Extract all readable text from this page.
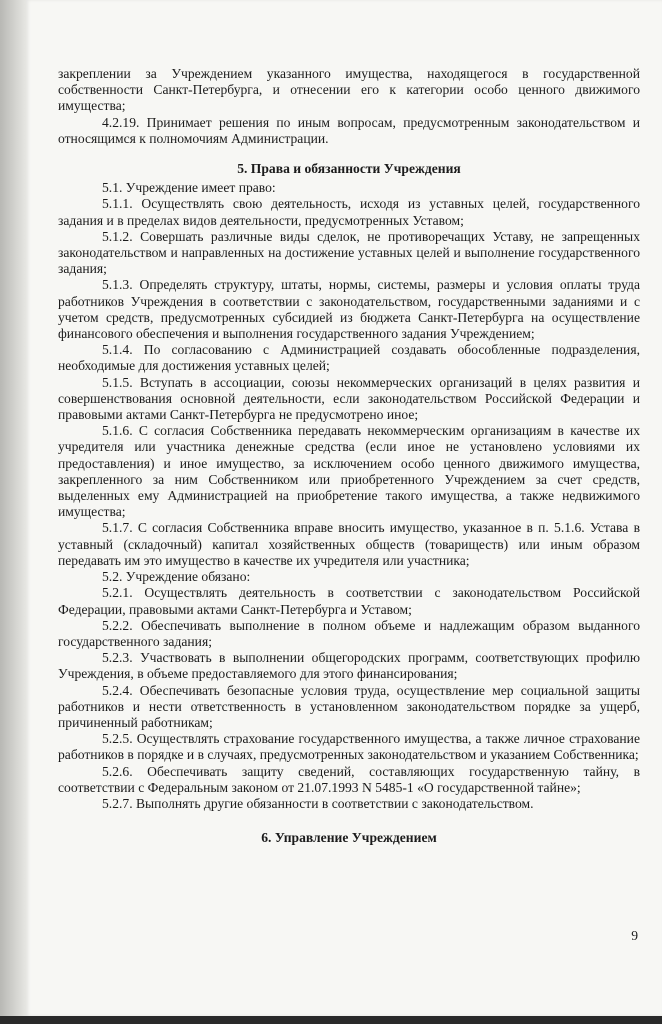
закреплении за Учреждением указанного имущества, находящегося в государственной собственности Санкт-Петербурга, и отнесении его к категории особо ценного движимого имущества;

4.2.19. Принимает решения по иным вопросам, предусмотренным законодательством и относящимся к полномочиям Администрации.

5. Права и обязанности Учреждения

5.1. Учреждение имеет право:

5.1.1. Осуществлять свою деятельность, исходя из уставных целей, государственного задания и в пределах видов деятельности, предусмотренных Уставом;

5.1.2. Совершать различные виды сделок, не противоречащих Уставу, не запрещенных законодательством и направленных на достижение уставных целей и выполнение государственного задания;

5.1.3. Определять структуру, штаты, нормы, системы, размеры и условия оплаты труда работников Учреждения в соответствии с законодательством, государственными заданиями и с учетом средств, предусмотренных субсидией из бюджета Санкт-Петербурга на осуществление финансового обеспечения и выполнения государственного задания Учреждением;

5.1.4. По согласованию с Администрацией создавать обособленные подразделения, необходимые для достижения уставных целей;

5.1.5. Вступать в ассоциации, союзы некоммерческих организаций в целях развития и совершенствования основной деятельности, если законодательством Российской Федерации и правовыми актами Санкт-Петербурга не предусмотрено иное;

5.1.6. С согласия Собственника передавать некоммерческим организациям в качестве их учредителя или участника денежные средства (если иное не установлено условиями их предоставления) и иное имущество, за исключением особо ценного движимого имущества, закрепленного за ним Собственником или приобретенного Учреждением за счет средств, выделенных ему Администрацией на приобретение такого имущества, а также недвижимого имущества;

5.1.7. С согласия Собственника вправе вносить имущество, указанное в п. 5.1.6. Устава в уставный (складочный) капитал хозяйственных обществ (товариществ) или иным образом передавать им это имущество в качестве их учредителя или участника;

5.2. Учреждение обязано:

5.2.1. Осуществлять деятельность в соответствии с законодательством Российской Федерации, правовыми актами Санкт-Петербурга и Уставом;

5.2.2. Обеспечивать выполнение в полном объеме и надлежащим образом выданного государственного задания;

5.2.3. Участвовать в выполнении общегородских программ, соответствующих профилю Учреждения, в объеме предоставляемого для этого финансирования;

5.2.4. Обеспечивать безопасные условия труда, осуществление мер социальной защиты работников и нести ответственность в установленном законодательством порядке за ущерб, причиненный работникам;

5.2.5. Осуществлять страхование государственного имущества, а также личное страхование работников в порядке и в случаях, предусмотренных законодательством и указанием Собственника;

5.2.6. Обеспечивать защиту сведений, составляющих государственную тайну, в соответствии с Федеральным законом от 21.07.1993 N 5485-1 «О государственной тайне»;

5.2.7. Выполнять другие обязанности в соответствии с законодательством.

6. Управление Учреждением
9
